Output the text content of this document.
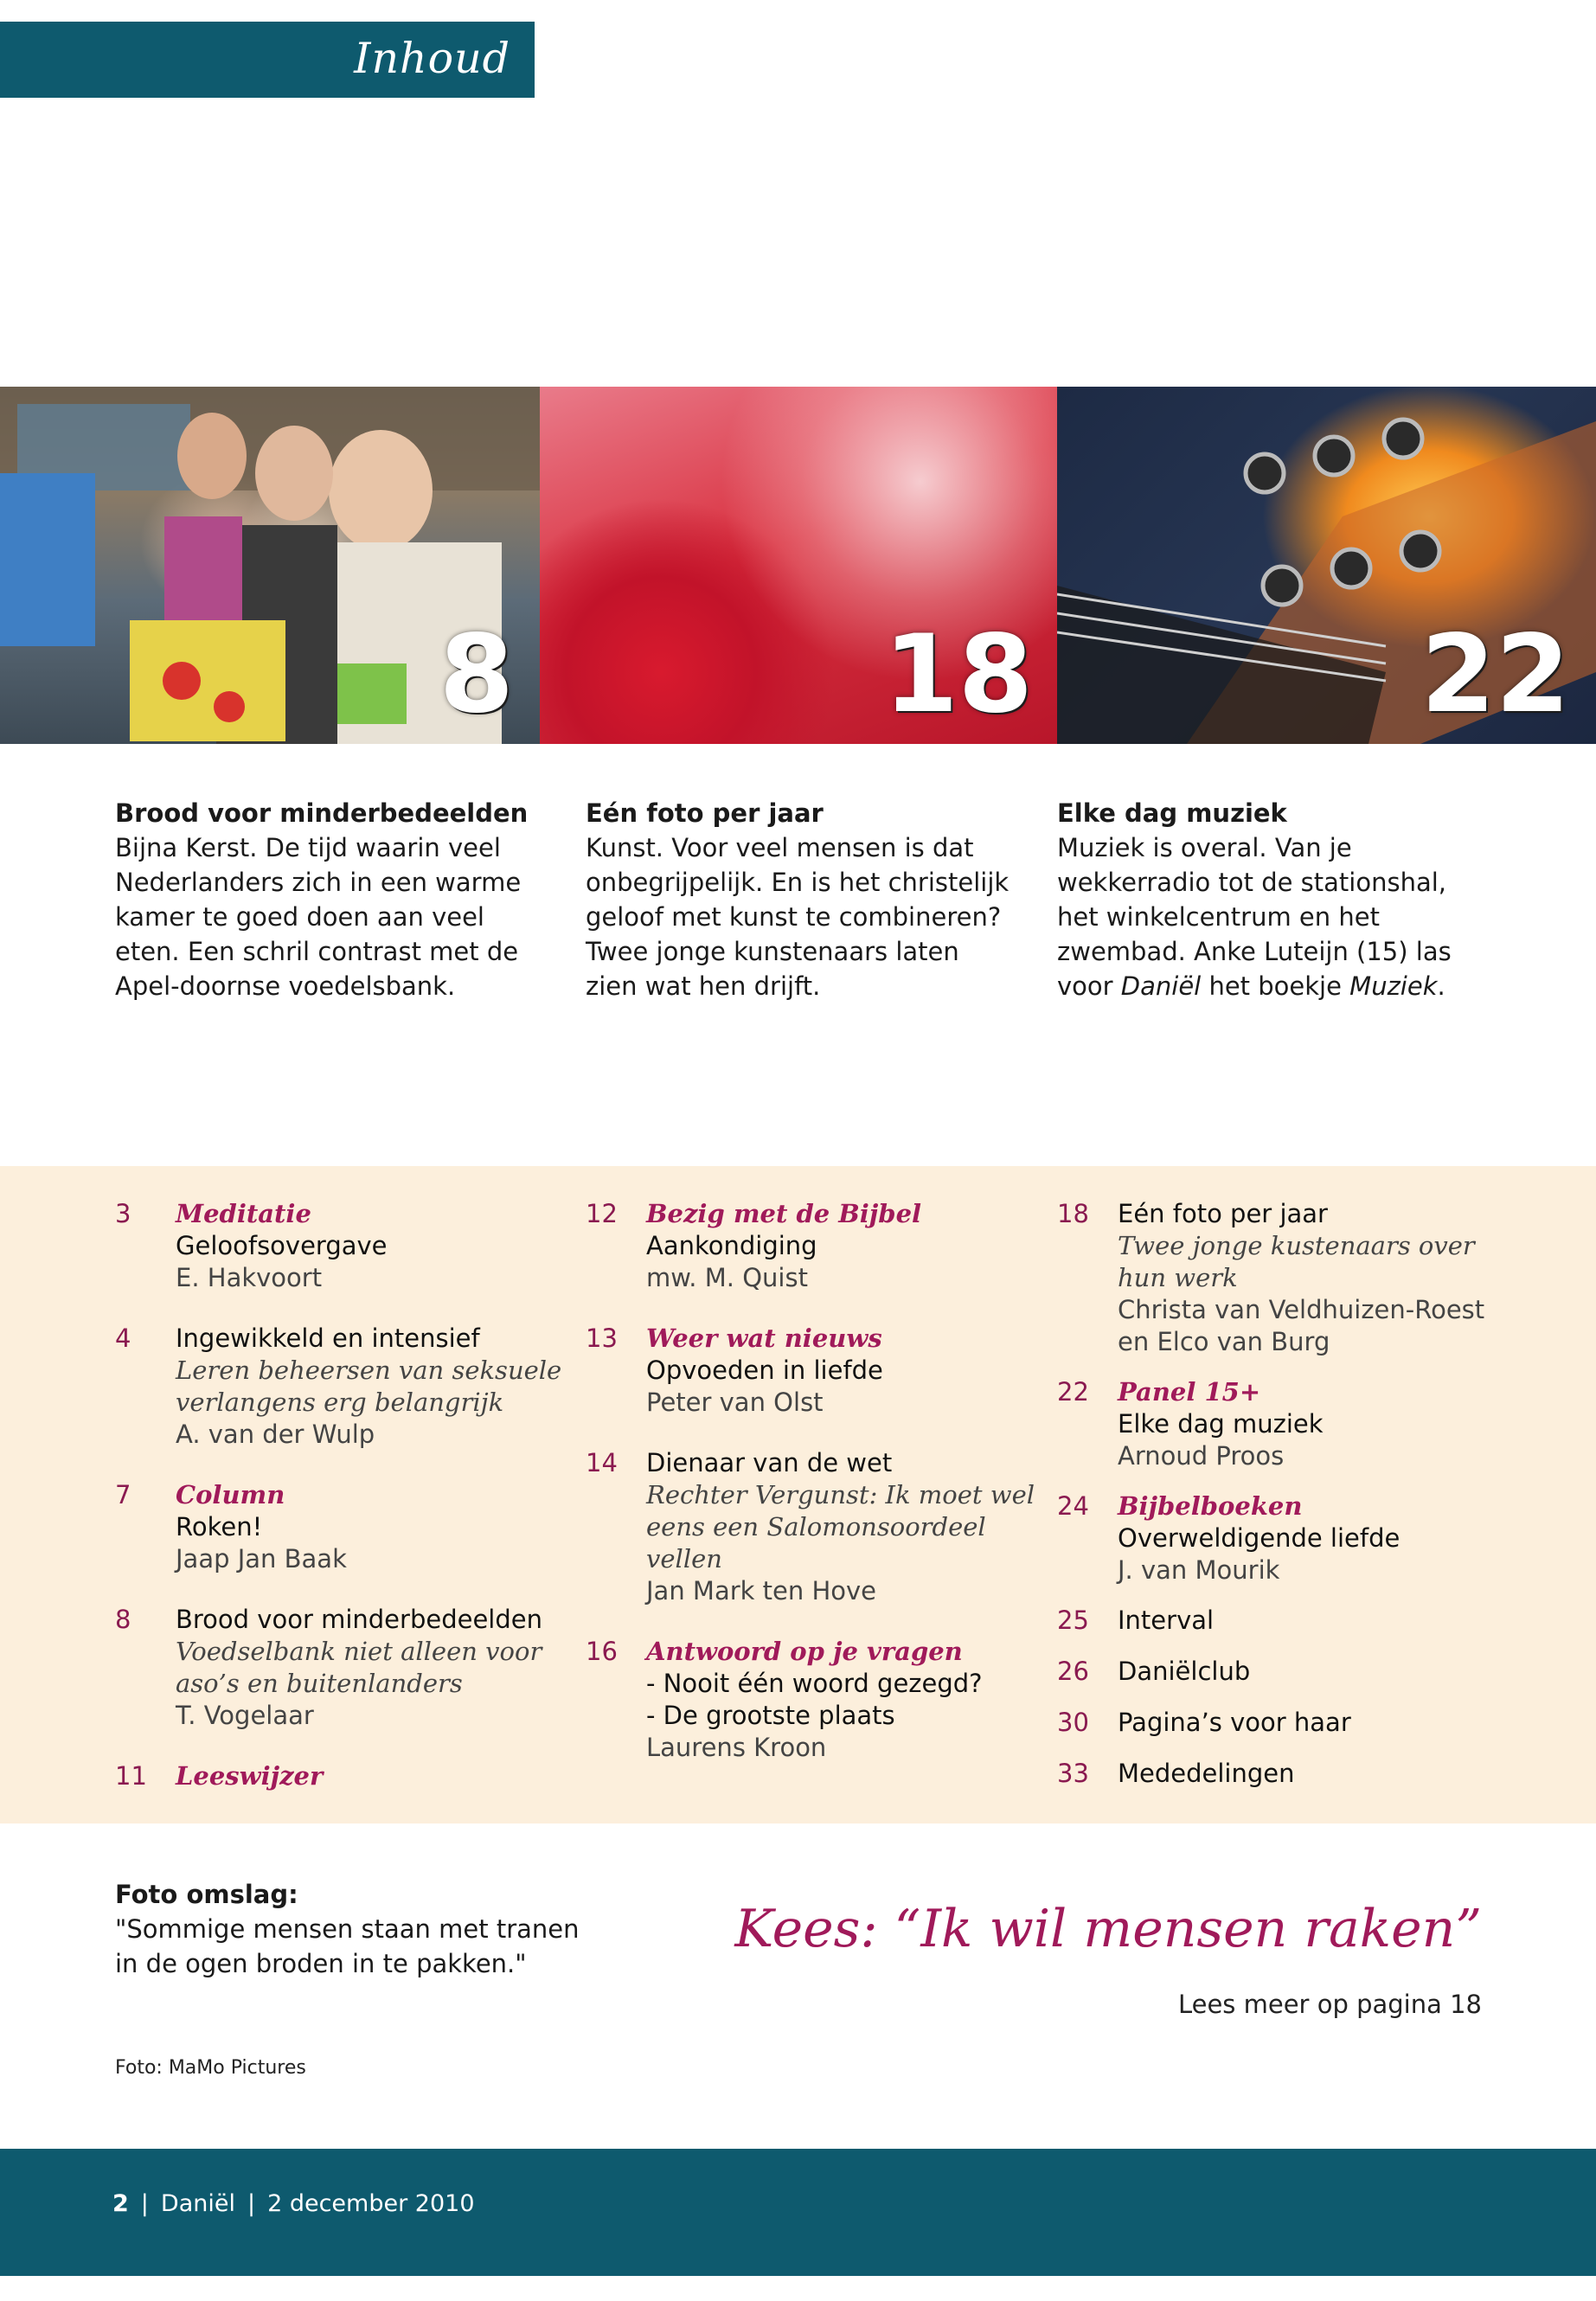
Inhoud
8	18	22
Brood voor minderbedeelden
Bijna Kerst. De tijd waarin veel Nederlanders zich in een warme kamer te goed doen aan veel eten. Een schril contrast met de Apel-doornse voedelsbank.
Eén foto per jaar
Kunst. Voor veel mensen is dat onbegrijpelijk. En is het christelijk geloof met kunst te combineren? Twee jonge kunstenaars laten zien wat hen drijft.
Elke dag muziek
Muziek is overal. Van je wekkerradio tot de stationshal, het winkelcentrum en het zwembad. Anke Luteijn (15) las voor Daniël het boekje Muziek.
3 Meditatie
Geloofsovergave
E. Hakvoort
4 Ingewikkeld en intensief
Leren beheersen van seksuele verlangens erg belangrijk
A. van der Wulp
7 Column
Roken!
Jaap Jan Baak
8 Brood voor minderbedeelden
Voedselbank niet alleen voor aso’s en buitenlanders
T. Vogelaar
11 Leeswijzer
12 Bezig met de Bijbel
Aankondiging
mw. M. Quist
13 Weer wat nieuws
Opvoeden in liefde
Peter van Olst
14 Dienaar van de wet
Rechter Vergunst: Ik moet wel eens een Salomonsoordeel vellen
Jan Mark ten Hove
16 Antwoord op je vragen
- Nooit één woord gezegd?
- De grootste plaats
Laurens Kroon
18 Eén foto per jaar
Twee jonge kustenaars over hun werk
Christa van Veldhuizen-Roest en Elco van Burg
22 Panel 15+
Elke dag muziek
Arnoud Proos
24 Bijbelboeken
Overweldigende liefde
J. van Mourik
25 Interval
26 Daniëlclub
30 Pagina’s voor haar
33 Mededelingen
Foto omslag:
"Sommige mensen staan met tranen in de ogen broden in te pakken."
Foto: MaMo Pictures
Kees: “Ik wil mensen raken”
Lees meer op pagina 18
2 | Daniël | 2 december 2010
